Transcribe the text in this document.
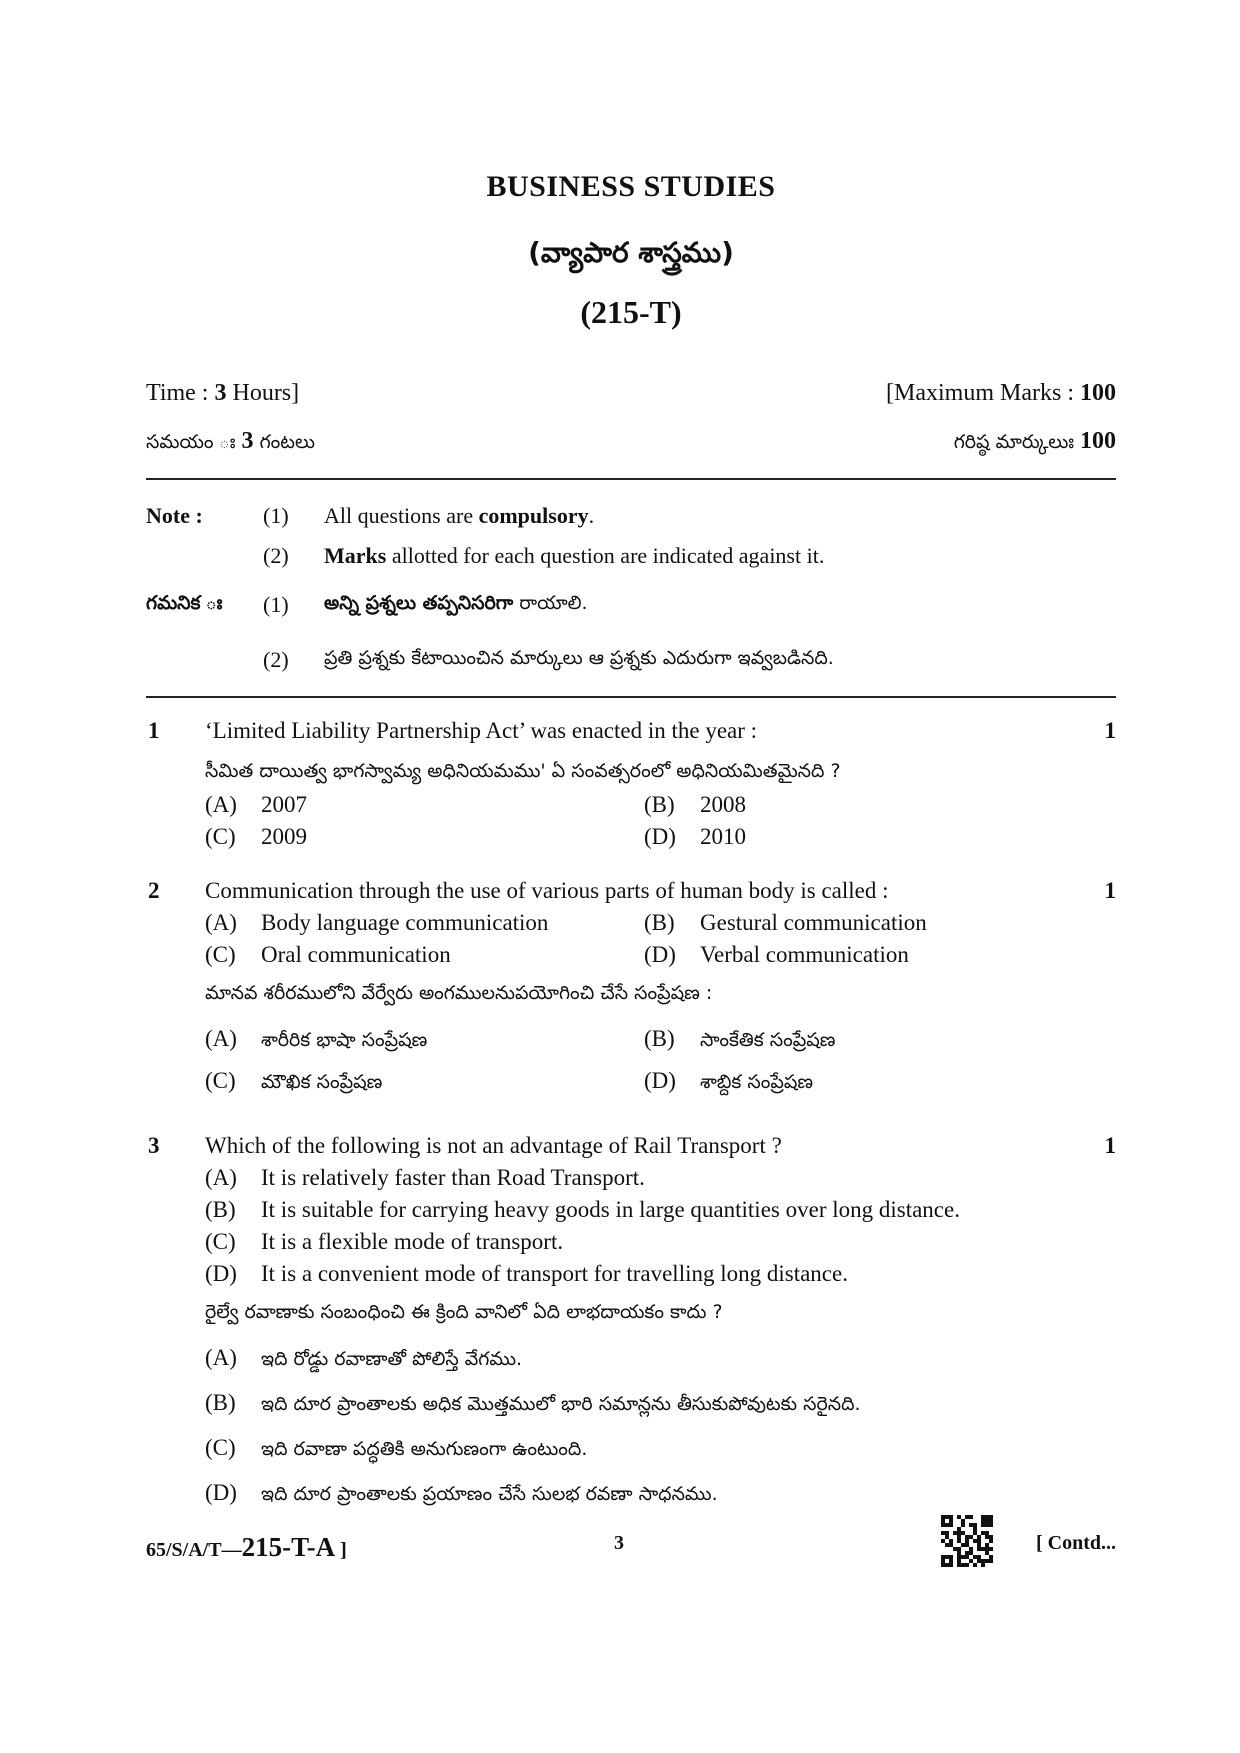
BUSINESS STUDIES
(వ్యాపార శాస్త్రము)
(215-T)
Time : 3 Hours]	[Maximum Marks : 100
సమయం ః 3 గంటలు	గరిష్ఠ మార్కులుః 100
Note :	(1) All questions are compulsory.
(2) Marks allotted for each question are indicated against it.
గమనిక ః (1) అన్ని ప్రశ్నలు తప్పనిసరిగా రాయాలి.
(2) ప్రతి ప్రశ్నకు కేటాయించిన మార్కులు ఆ ప్రశ్నకు ఎదురుగా ఇవ్వబడినది.
1 ‘Limited Liability Partnership Act’ was enacted in the year :	1
సీమిత దాయిత్వ భాగస్వామ్య అధినియమము' ఏ సంవత్సరంలో అధినియమితమైనది ?
(A) 2007	(B) 2008
(C) 2009	(D) 2010
2 Communication through the use of various parts of human body is called :	1
(A) Body language communication	(B) Gestural communication
(C) Oral communication	(D) Verbal communication
మానవ శరీరములోని వేర్వేరు అంగములనుపయోగించి చేసే సంప్రేషణ :
(A) శారీరిక భాషా సంప్రేషణ	(B) సాంకేతిక సంప్రేషణ
(C) మౌఖిక సంప్రేషణ	(D) శాబ్దిక సంప్రేషణ
3 Which of the following is not an advantage of Rail Transport ?	1
(A) It is relatively faster than Road Transport.
(B) It is suitable for carrying heavy goods in large quantities over long distance.
(C) It is a flexible mode of transport.
(D) It is a convenient mode of transport for travelling long distance.
రైల్వే రవాణాకు సంబంధించి ఈ క్రింది వానిలో ఏది లాభదాయకం కాదు ?
(A) ఇది రోడ్డు రవాణాతో పోలిస్తే వేగము.
(B) ఇది దూర ప్రాంతాలకు అధిక మొత్తములో భారి సమాన్లను తీసుకుపోవుటకు సరైనది.
(C) ఇది రవాణా పద్ధతికి అనుగుణంగా ఉంటుంది.
(D) ఇది దూర ప్రాంతాలకు ప్రయాణం చేసే సులభ రవణా సాధనము.
65/S/A/T—215-T-A ]	3	[ Contd...
